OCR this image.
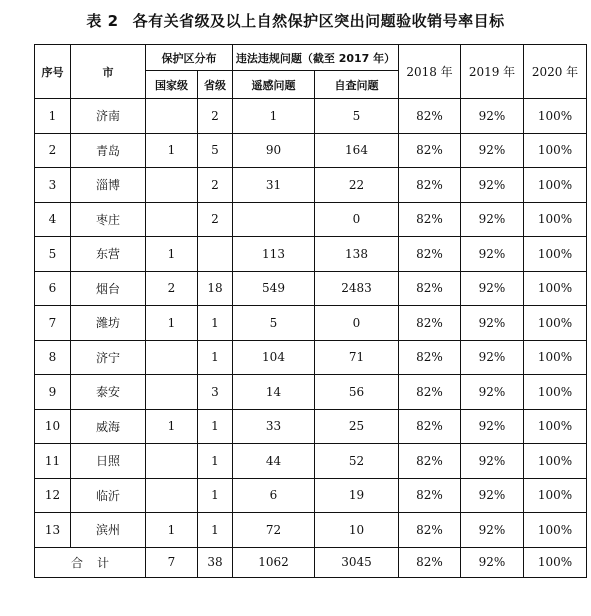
表 2 各有关省级及以上自然保护区突出问题验收销号率目标
序号	市	保护区分布		违法违规问题（截至 2017 年）		2018 年	2019 年	2020 年
		国家级	省级	遥感问题	自查问题			
1	济南		2	1	5	82%	92%	100%
2	青岛	1	5	90	164	82%	92%	100%
3	淄博		2	31	22	82%	92%	100%
4	枣庄		2		0	82%	92%	100%
5	东营	1		113	138	82%	92%	100%
6	烟台	2	18	549	2483	82%	92%	100%
7	潍坊	1	1	5	0	82%	92%	100%
8	济宁		1	104	71	82%	92%	100%
9	泰安		3	14	56	82%	92%	100%
10	威海	1	1	33	25	82%	92%	100%
11	日照		1	44	52	82%	92%	100%
12	临沂		1	6	19	82%	92%	100%
13	滨州	1	1	72	10	82%	92%	100%
合计		7	38	1062	3045	82%	92%	100%
